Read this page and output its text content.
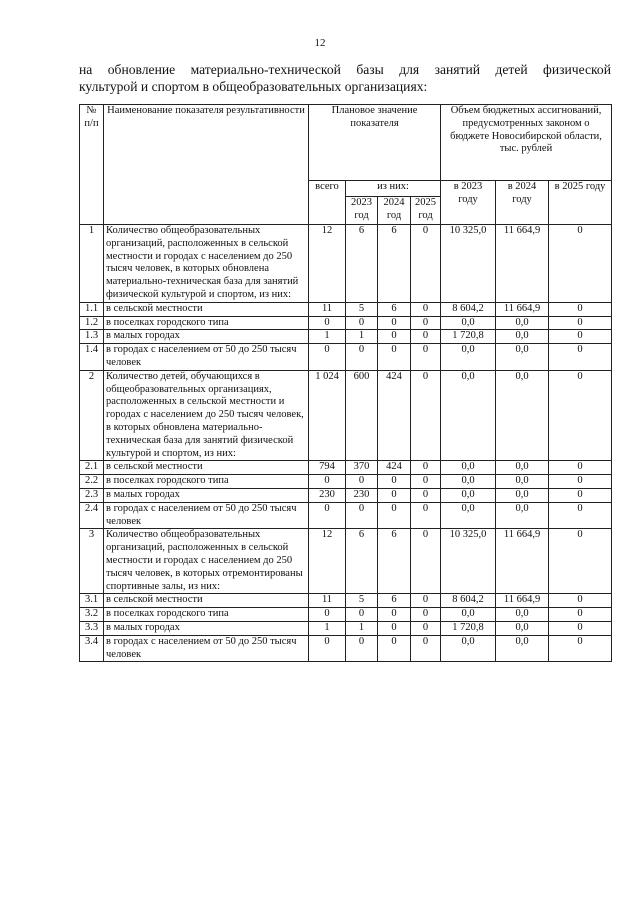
12
на обновление материально-технической базы для занятий детей физической
культурой и спортом в общеобразовательных организациях:
№ п/п	Наименование показателя результативности	Плановое значение показателя				Объем бюджетных ассигнований, предусмотренных законом о бюджете Новосибирской области, тыс. рублей		
		всего	из них:			в 2023 году	в 2024 году	в 2025 году
			2023 год	2024 год	2025 год			
1	Количество общеобразовательных организаций, расположенных в сельской местности и городах с населением до 250 тысяч человек, в которых обновлена материально-техническая база для занятий физической культурой и спортом, из них:	12	6	6	0	10 325,0	11 664,9	0
1.1	в сельской местности	11	5	6	0	8 604,2	11 664,9	0
1.2	в поселках городского типа	0	0	0	0	0,0	0,0	0
1.3	в малых городах	1	1	0	0	1 720,8	0,0	0
1.4	в городах с населением от 50 до 250 тысяч человек	0	0	0	0	0,0	0,0	0
2	Количество детей, обучающихся в общеобразовательных организациях, расположенных в сельской местности и городах с населением до 250 тысяч человек, в которых обновлена материально-техническая база для занятий физической культурой и спортом, из них:	1 024	600	424	0	0,0	0,0	0
2.1	в сельской местности	794	370	424	0	0,0	0,0	0
2.2	в поселках городского типа	0	0	0	0	0,0	0,0	0
2.3	в малых городах	230	230	0	0	0,0	0,0	0
2.4	в городах с населением от 50 до 250 тысяч человек	0	0	0	0	0,0	0,0	0
3	Количество общеобразовательных организаций, расположенных в сельской местности и городах с населением до 250 тысяч человек, в которых отремонтированы спортивные залы, из них:	12	6	6	0	10 325,0	11 664,9	0
3.1	в сельской местности	11	5	6	0	8 604,2	11 664,9	0
3.2	в поселках городского типа	0	0	0	0	0,0	0,0	0
3.3	в малых городах	1	1	0	0	1 720,8	0,0	0
3.4	в городах с населением от 50 до 250 тысяч человек	0	0	0	0	0,0	0,0	0
